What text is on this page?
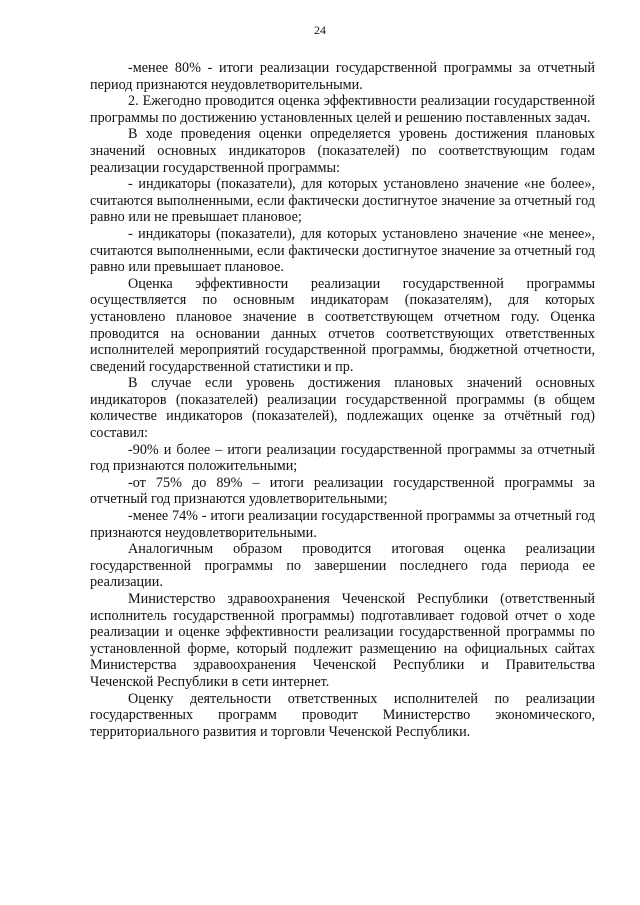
24

-менее 80% - итоги реализации государственной программы за отчетный период признаются неудовлетворительными.

2. Ежегодно проводится оценка эффективности реализации государственной программы по достижению установленных целей и решению поставленных задач.

В ходе проведения оценки определяется уровень достижения плановых значений основных индикаторов (показателей) по соответствующим годам реализации государственной программы:

- индикаторы (показатели), для которых установлено значение «не более», считаются выполненными, если фактически достигнутое значение за отчетный год равно или не превышает плановое;

- индикаторы (показатели), для которых установлено значение «не менее», считаются выполненными, если фактически достигнутое значение за отчетный год равно или превышает плановое.

Оценка эффективности реализации государственной программы осуществляется по основным индикаторам (показателям), для которых установлено плановое значение в соответствующем отчетном году. Оценка проводится на основании данных отчетов соответствующих ответственных исполнителей мероприятий государственной программы, бюджетной отчетности, сведений государственной статистики и пр.

В случае если уровень достижения плановых значений основных индикаторов (показателей) реализации государственной программы (в общем количестве индикаторов (показателей), подлежащих оценке за отчётный год) составил:

-90% и более – итоги реализации государственной программы за отчетный год признаются положительными;

-от 75% до 89% – итоги реализации государственной программы за отчетный год признаются удовлетворительными;

-менее 74% - итоги реализации государственной программы за отчетный год признаются неудовлетворительными.

Аналогичным образом проводится итоговая оценка реализации государственной программы по завершении последнего года периода ее реализации.

Министерство здравоохранения Чеченской Республики (ответственный исполнитель государственной программы) подготавливает годовой отчет о ходе реализации и оценке эффективности реализации государственной программы по установленной форме, который подлежит размещению на официальных сайтах Министерства здравоохранения Чеченской Республики и Правительства Чеченской Республики в сети интернет.

Оценку деятельности ответственных исполнителей по реализации государственных программ проводит Министерство экономического, территориального развития и торговли Чеченской Республики.
